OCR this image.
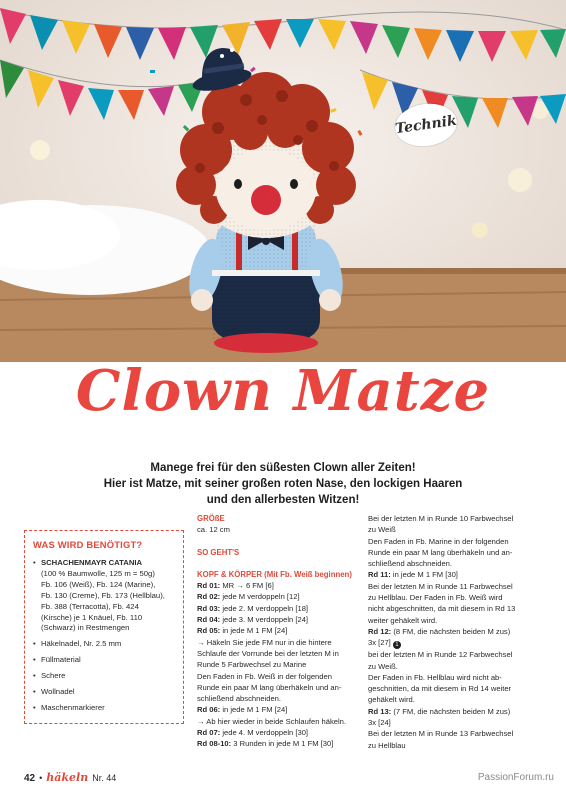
Technik
Clown Matze
Manege frei für den süßesten Clown aller Zeiten!
Hier ist Matze, mit seiner großen roten Nase, den lockigen Haaren
und den allerbesten Witzen!
WAS WIRD BENÖTIGT?
• SCHACHENMAYR CATANIA
(100 % Baumwolle, 125 m = 50g)
Fb. 106 (Weiß), Fb. 124 (Marine),
Fb. 130 (Creme), Fb. 173 (Hellblau),
Fb. 388 (Terracotta), Fb. 424
(Kirsche) je 1 Knäuel, Fb. 110
(Schwarz) in Restmengen
• Häkelnadel, Nr. 2.5 mm
• Füllmaterial
• Schere
• Wollnadel
• Maschenmarkierer
GRÖßE
ca. 12 cm
SO GEHT'S
KOPF & KÖRPER (Mit Fb. Weiß beginnen)
Rd 01: MR → 6 FM [6]
Rd 02: jede M verdoppeln [12]
Rd 03: jede 2. M verdoppeln [18]
Rd 04: jede 3. M verdoppeln [24]
Rd 05: in jede M 1 FM [24]
→ Häkeln Sie jede FM nur in die hintere
Schlaufe der Vorrunde bei der letzten M in
Runde 5 Farbwechsel zu Marine
Den Faden in Fb. Weiß in der folgenden
Runde ein paar M lang überhäkeln und an-
schließend abschneiden.
Rd 06: in jede M 1 FM [24]
→ Ab hier wieder in beide Schlaufen häkeln.
Rd 07: jede 4. M verdoppeln [30]
Rd 08-10: 3 Runden in jede M 1 FM [30]
Bei der letzten M in Runde 10 Farbwechsel
zu Weiß
Den Faden in Fb. Marine in der folgenden
Runde ein paar M lang überhäkeln und an-
schließend abschneiden.
Rd 11: in jede M 1 FM [30]
Bei der letzten M in Runde 11 Farbwechsel
zu Hellblau. Der Faden in Fb. Weiß wird
nicht abgeschnitten, da mit diesem in Rd 13
weiter gehäkelt wird.
Rd 12: (8 FM, die nächsten beiden M zus)
3x [27] 1
bei der letzten M in Runde 12 Farbwechsel
zu Weiß.
Der Faden in Fb. Hellblau wird nicht ab-
geschnitten, da mit diesem in Rd 14 weiter
gehäkelt wird.
Rd 13: (7 FM, die nächsten beiden M zus)
3x [24]
Bei der letzten M in Runde 13 Farbwechsel
zu Hellblau
42 • häkeln Nr. 44	PassionForum.ru
